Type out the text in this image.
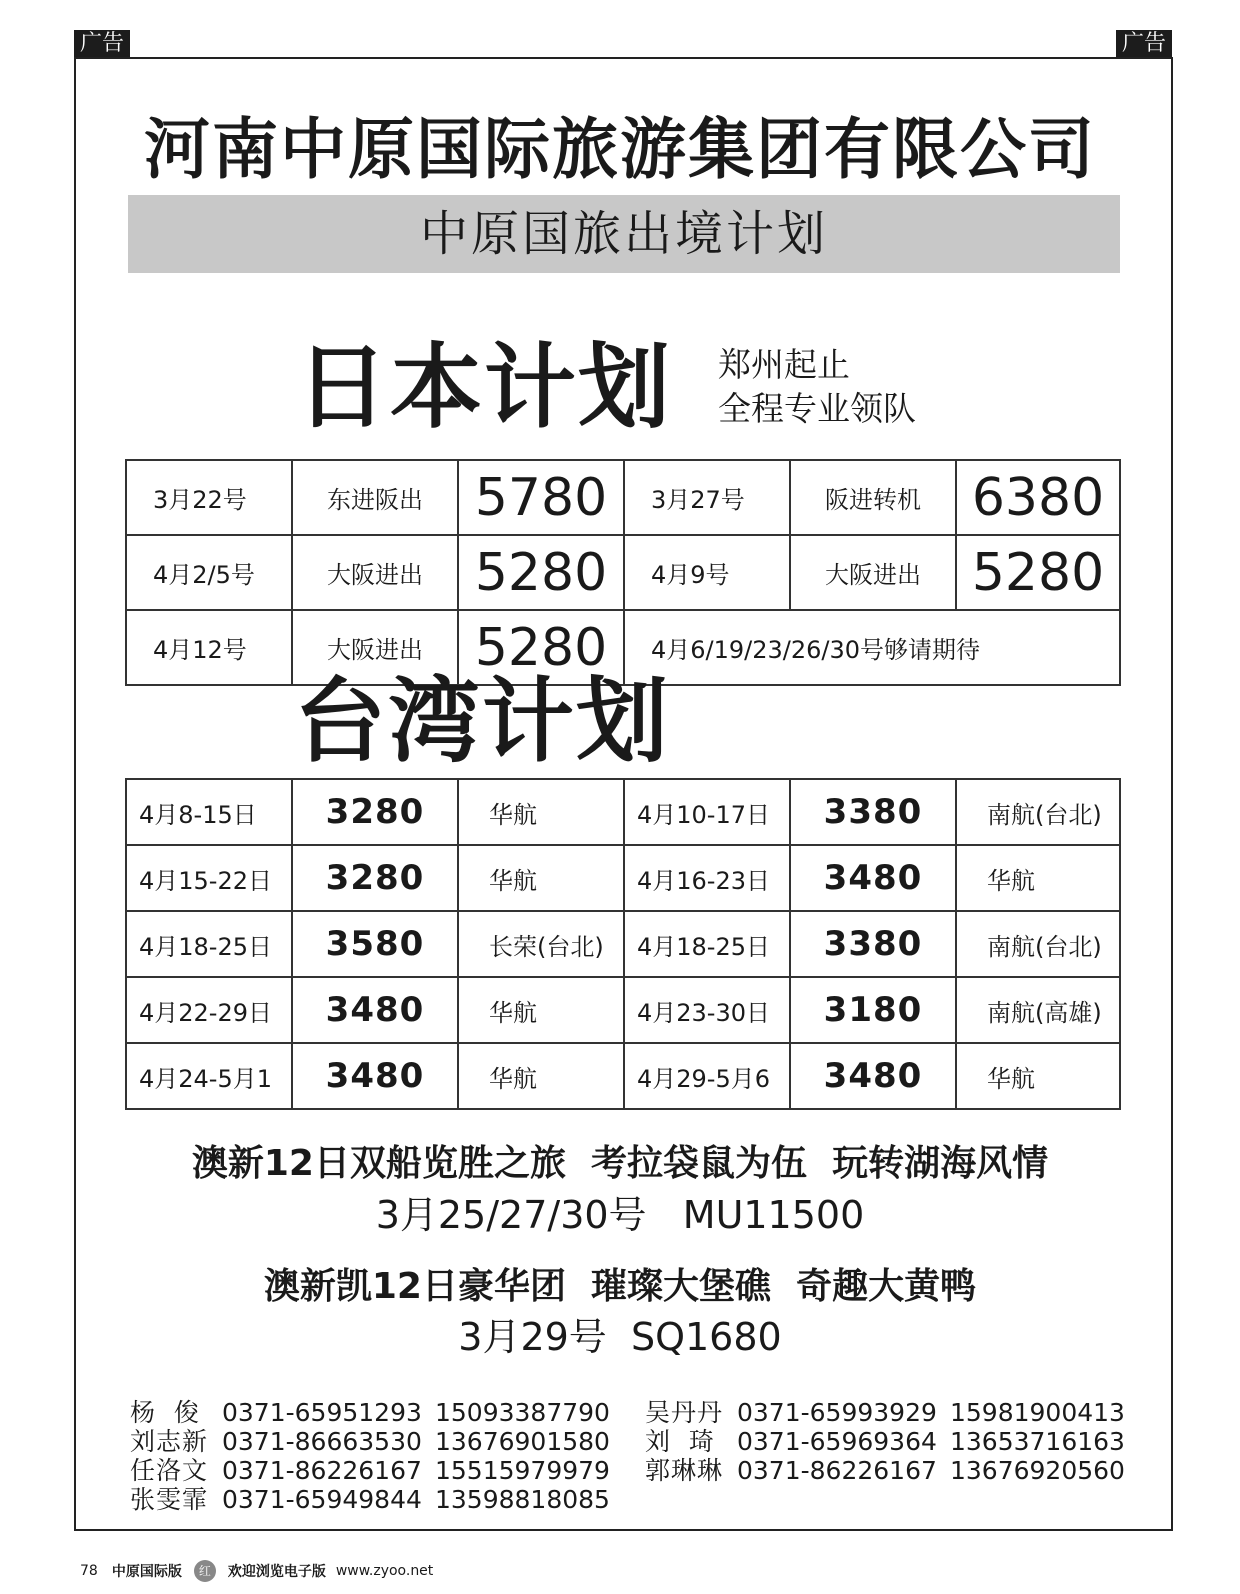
广告	广告
河南中原国际旅游集团有限公司
中原国旅出境计划
日本计划 郑州起止
全程专业领队
3月22号	东进阪出	5780	3月27号	阪进转机	6380
4月2/5号	大阪进出	5280	4月9号	大阪进出	5280
4月12号	大阪进出	5280	4月6/19/23/26/30号够请期待		
台湾计划
4月8-15日	3280	华航	4月10-17日	3380	南航(台北)
4月15-22日	3280	华航	4月16-23日	3480	华航
4月18-25日	3580	长荣(台北)	4月18-25日	3380	南航(台北)
4月22-29日	3480	华航	4月23-30日	3180	南航(高雄)
4月24-5月1	3480	华航	4月29-5月6	3480	华航
澳新12日双船览胜之旅  考拉袋鼠为伍  玩转湖海风情
3月25/27/30号   MU11500
澳新凯12日豪华团  璀璨大堡礁  奇趣大黄鸭
3月29号  SQ1680
杨  俊 0371-65951293 15093387790
刘志新 0371-86663530 13676901580
任洛文 0371-86226167 15515979979
张雯霏 0371-65949844 13598818085
吴丹丹 0371-65993929 15981900413
刘  琦 0371-65969364 13653716163
郭琳琳 0371-86226167 13676920560
78 中原国际版	红	欢迎浏览电子版 www.zyoo.net
